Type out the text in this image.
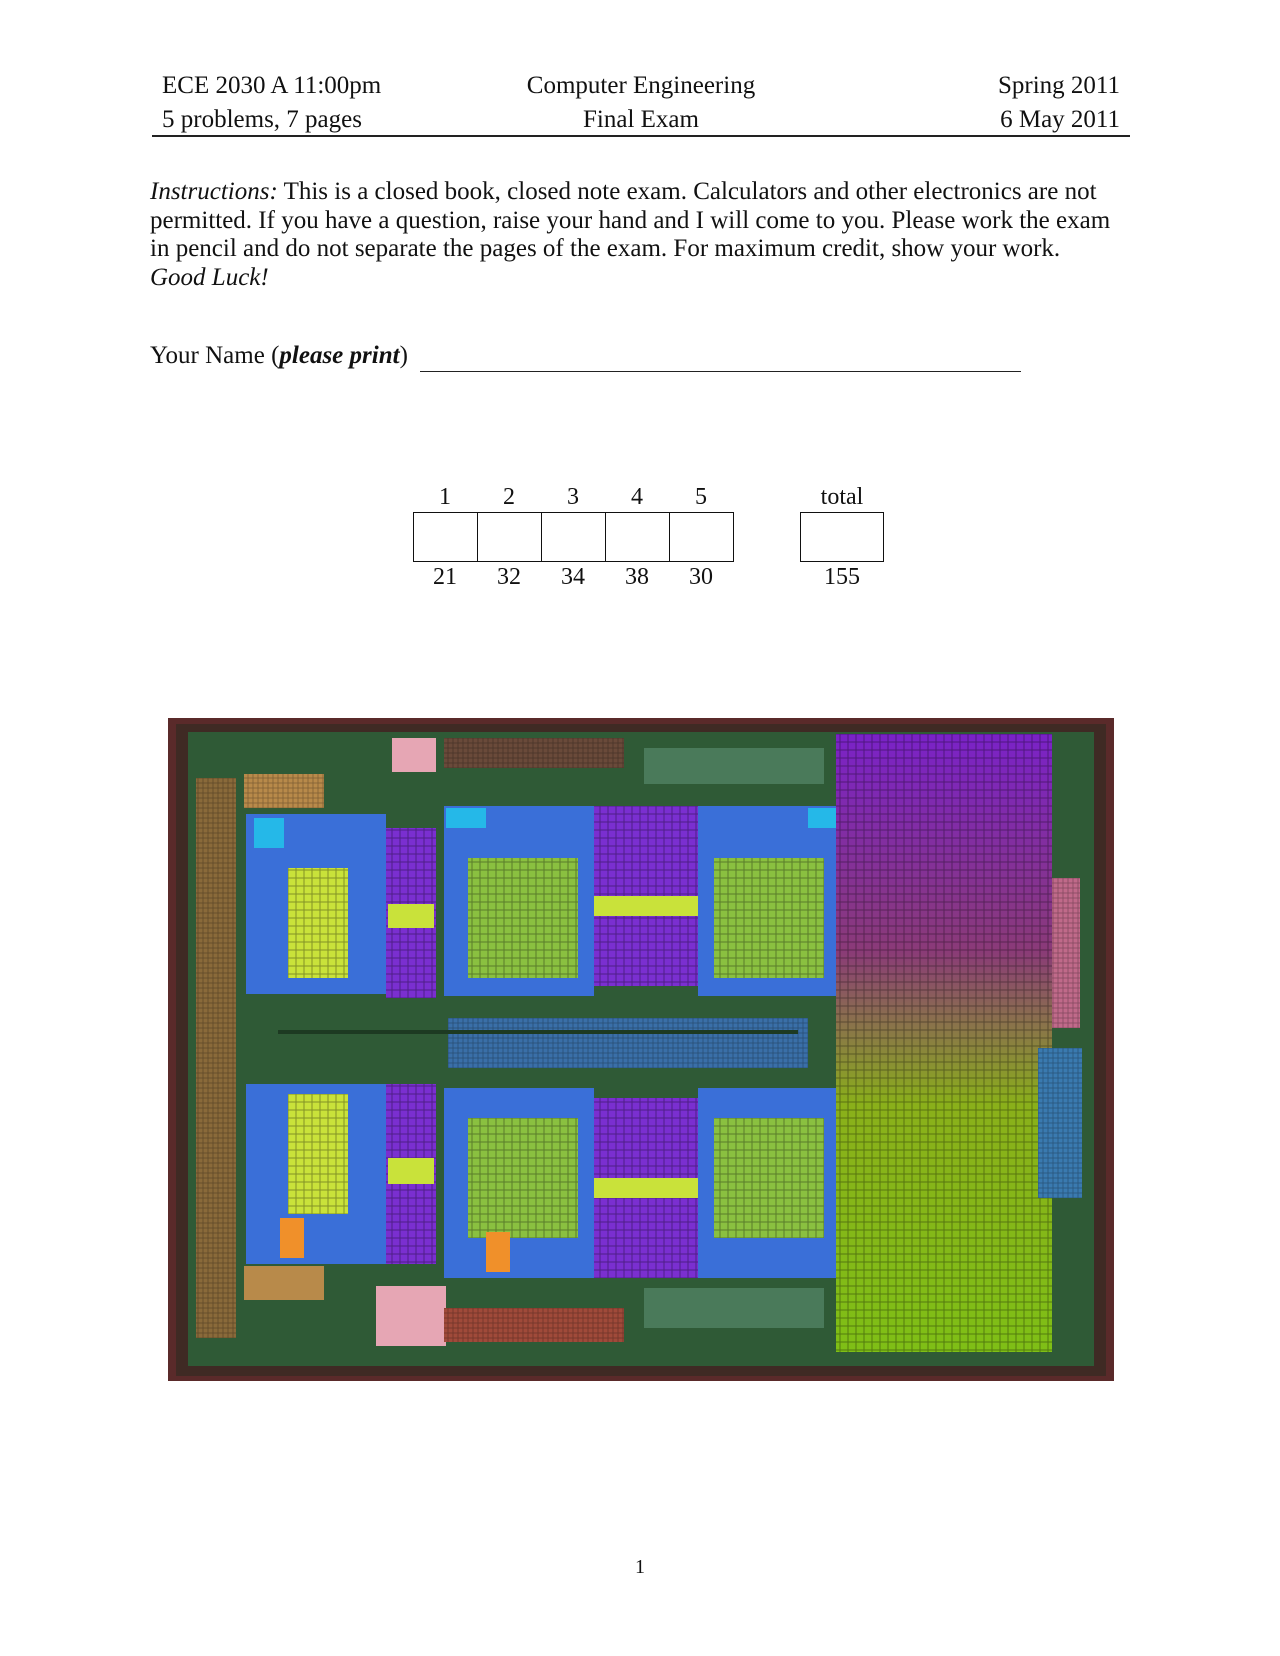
ECE 2030 A 11:00pm	Computer Engineering	Spring 2011
5 problems, 7 pages	Final Exam	6 May 2011
Instructions: This is a closed book, closed note exam. Calculators and other electronics are not permitted. If you have a question, raise your hand and I will come to you. Please work the exam in pencil and do not separate the pages of the exam. For maximum credit, show your work.
Good Luck!
Your Name (please print)
1	2	3	4	5	total
21	32	34	38	30	155
1
